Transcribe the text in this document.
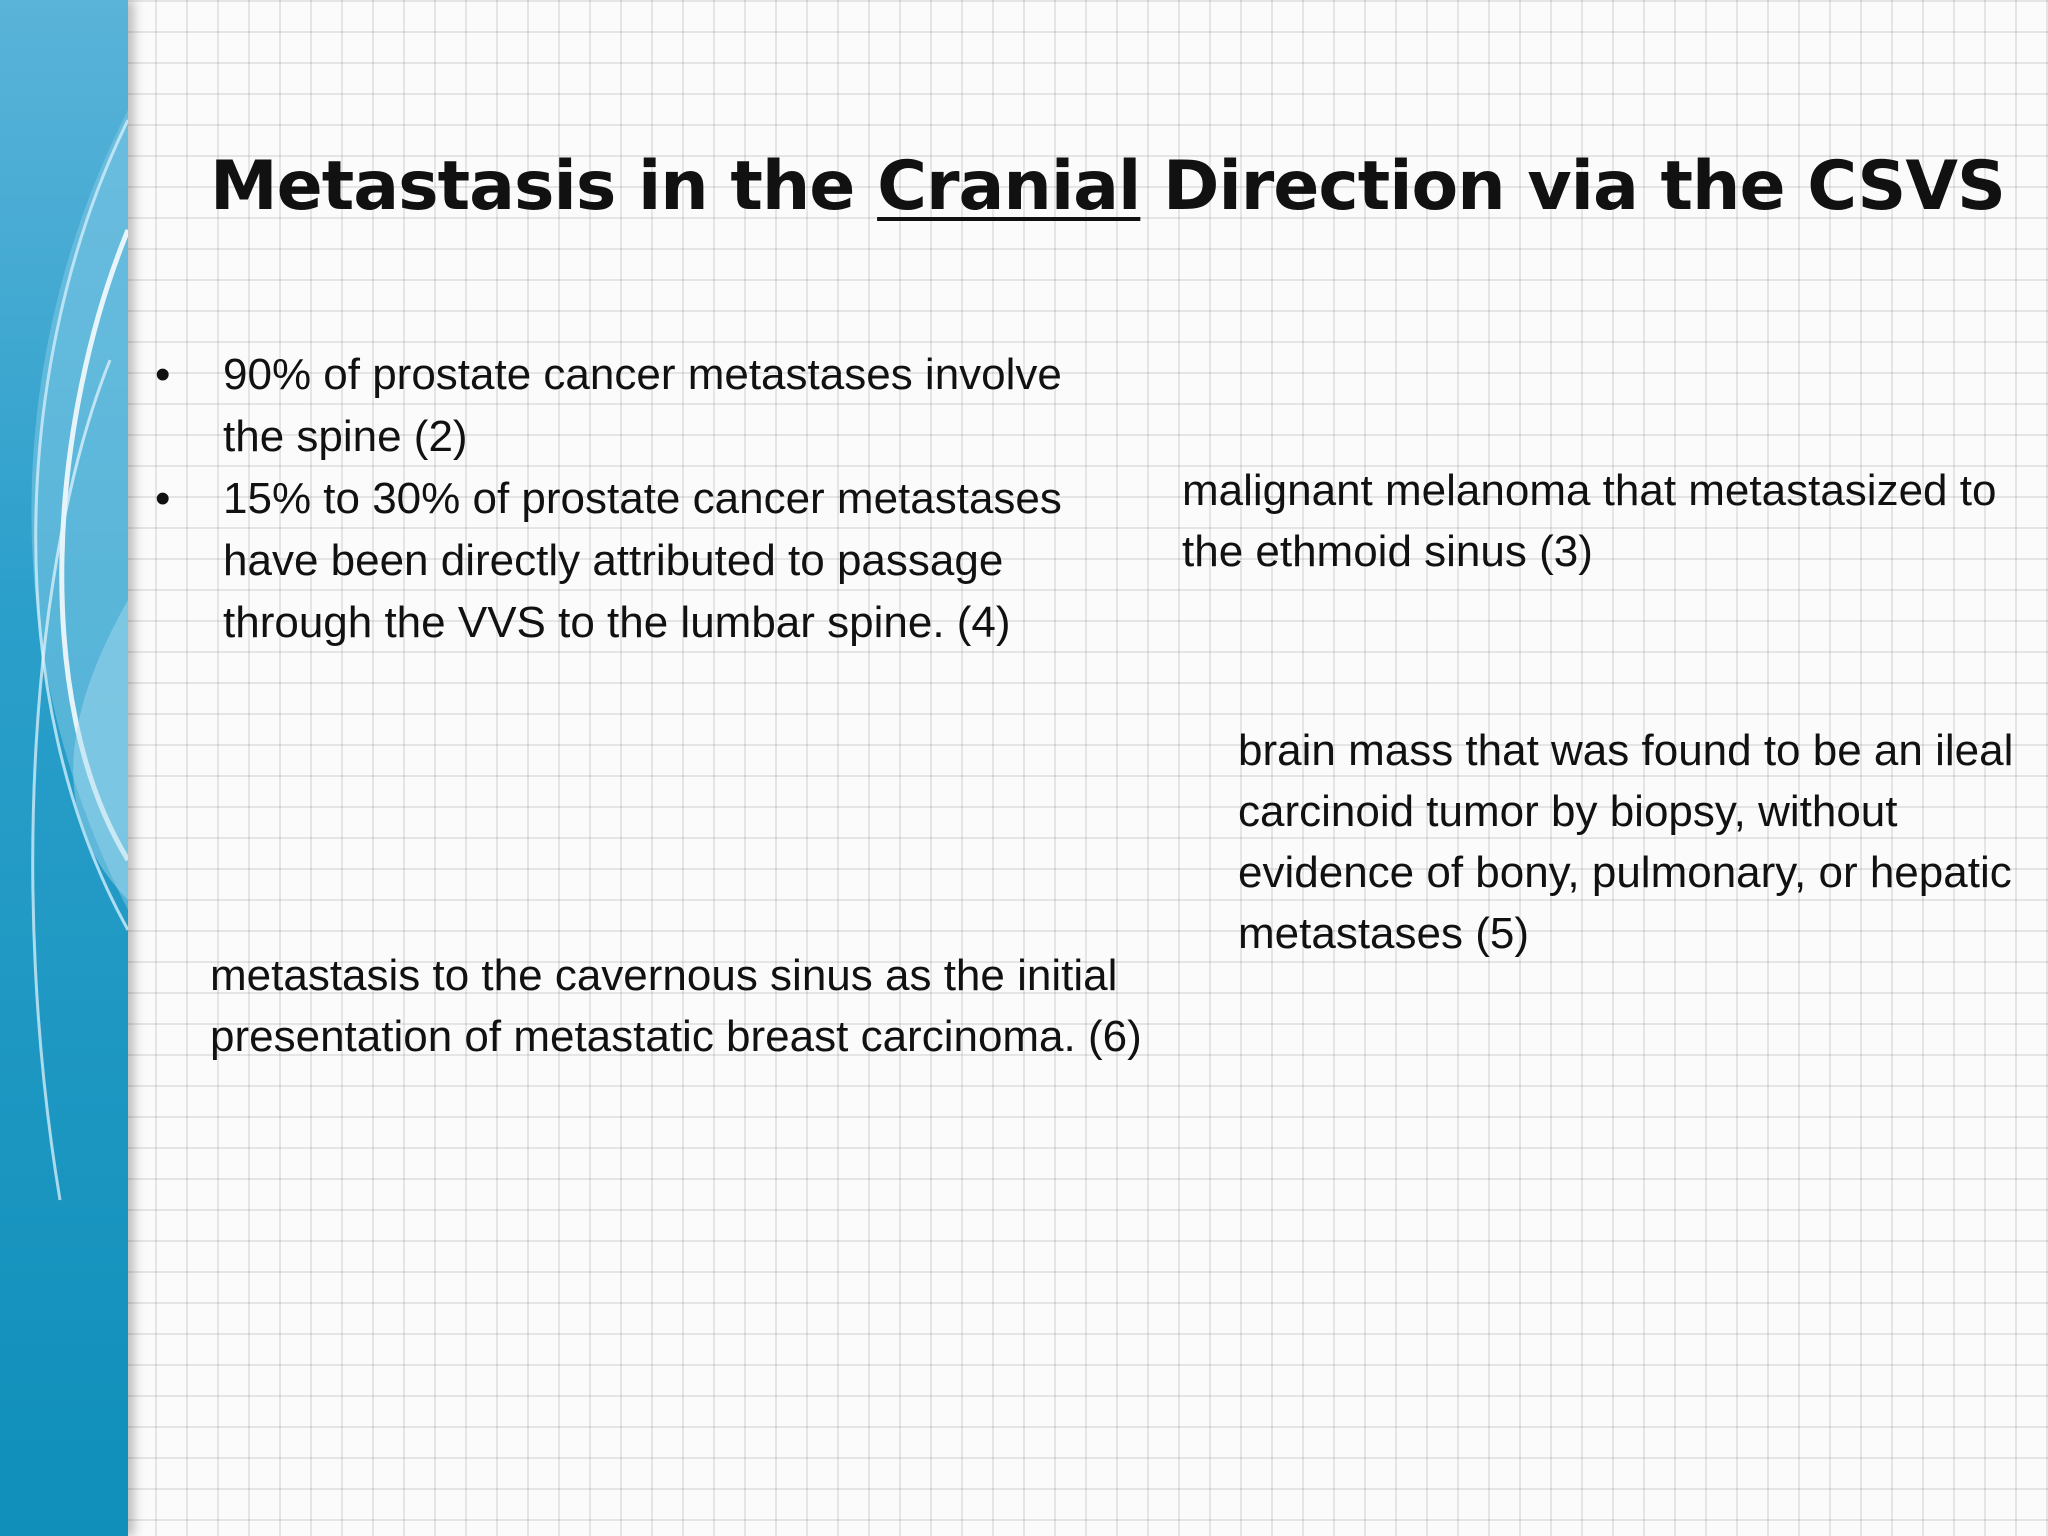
Metastasis in the Cranial Direction via the CSVS
• 90% of prostate cancer metastases involve the spine (2)
• 15% to 30% of prostate cancer metastases have been directly attributed to passage through the VVS to the lumbar spine. (4)

malignant melanoma that metastasized to the ethmoid sinus (3)

brain mass that was found to be an ileal carcinoid tumor by biopsy, without evidence of bony, pulmonary, or hepatic metastases (5)

metastasis to the cavernous sinus as the initial presentation of metastatic breast carcinoma. (6)
